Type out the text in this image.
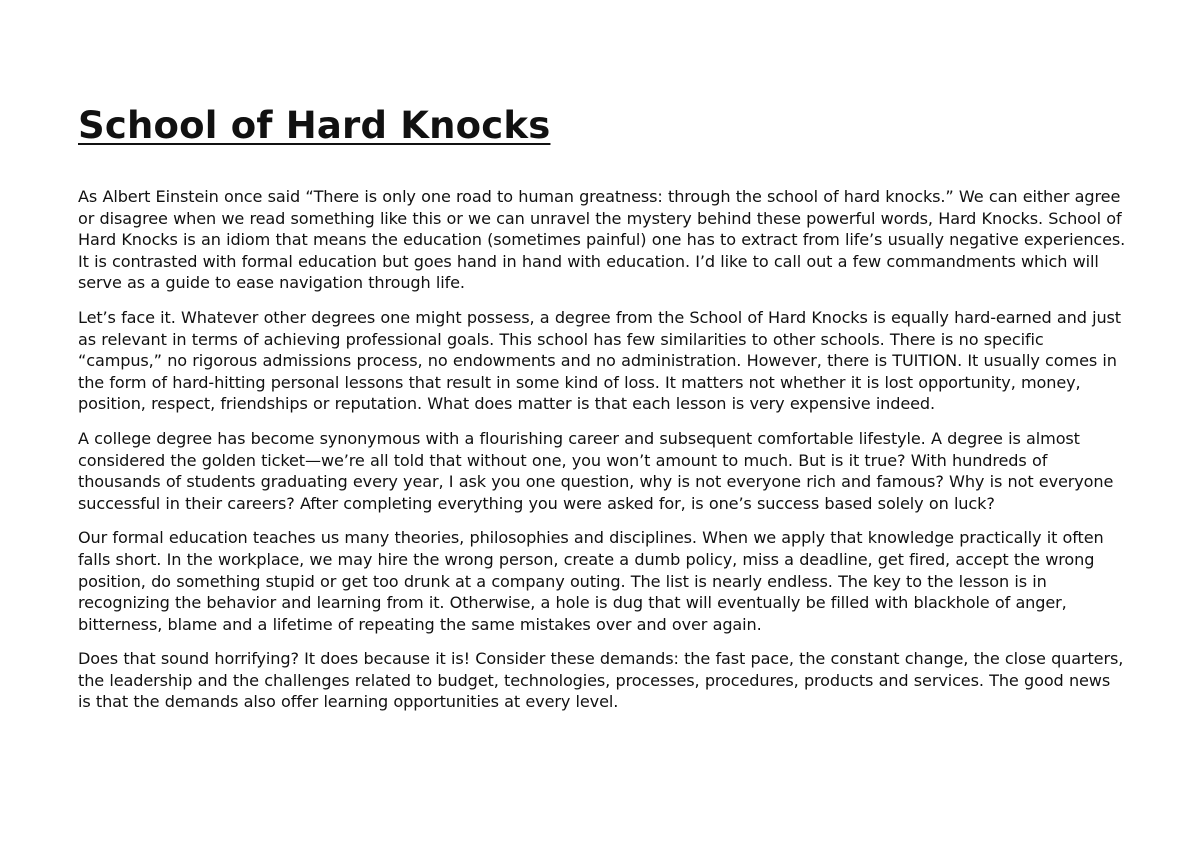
School of Hard Knocks

As Albert Einstein once said “There is only one road to human greatness: through the school of hard knocks.” We can either agree or disagree when we read something like this or we can unravel the mystery behind these powerful words, Hard Knocks. School of Hard Knocks is an idiom that means the education (sometimes painful) one has to extract from life’s usually negative experiences. It is contrasted with formal education but goes hand in hand with education. I’d like to call out a few commandments which will serve as a guide to ease navigation through life.

Let’s face it. Whatever other degrees one might possess, a degree from the School of Hard Knocks is equally hard-earned and just as relevant in terms of achieving professional goals. This school has few similarities to other schools. There is no specific “campus,” no rigorous admissions process, no endowments and no administration. However, there is TUITION. It usually comes in the form of hard-hitting personal lessons that result in some kind of loss. It matters not whether it is lost opportunity, money, position, respect, friendships or reputation. What does matter is that each lesson is very expensive indeed.

A college degree has become synonymous with a flourishing career and subsequent comfortable lifestyle. A degree is almost considered the golden ticket—we’re all told that without one, you won’t amount to much. But is it true? With hundreds of thousands of students graduating every year, I ask you one question, why is not everyone rich and famous? Why is not everyone successful in their careers? After completing everything you were asked for, is one’s success based solely on luck?

Our formal education teaches us many theories, philosophies and disciplines. When we apply that knowledge practically it often falls short. In the workplace, we may hire the wrong person, create a dumb policy, miss a deadline, get fired, accept the wrong position, do something stupid or get too drunk at a company outing. The list is nearly endless. The key to the lesson is in recognizing the behavior and learning from it. Otherwise, a hole is dug that will eventually be filled with blackhole of anger, bitterness, blame and a lifetime of repeating the same mistakes over and over again.

Does that sound horrifying? It does because it is! Consider these demands: the fast pace, the constant change, the close quarters, the leadership and the challenges related to budget, technologies, processes, procedures, products and services. The good news is that the demands also offer learning opportunities at every level.
